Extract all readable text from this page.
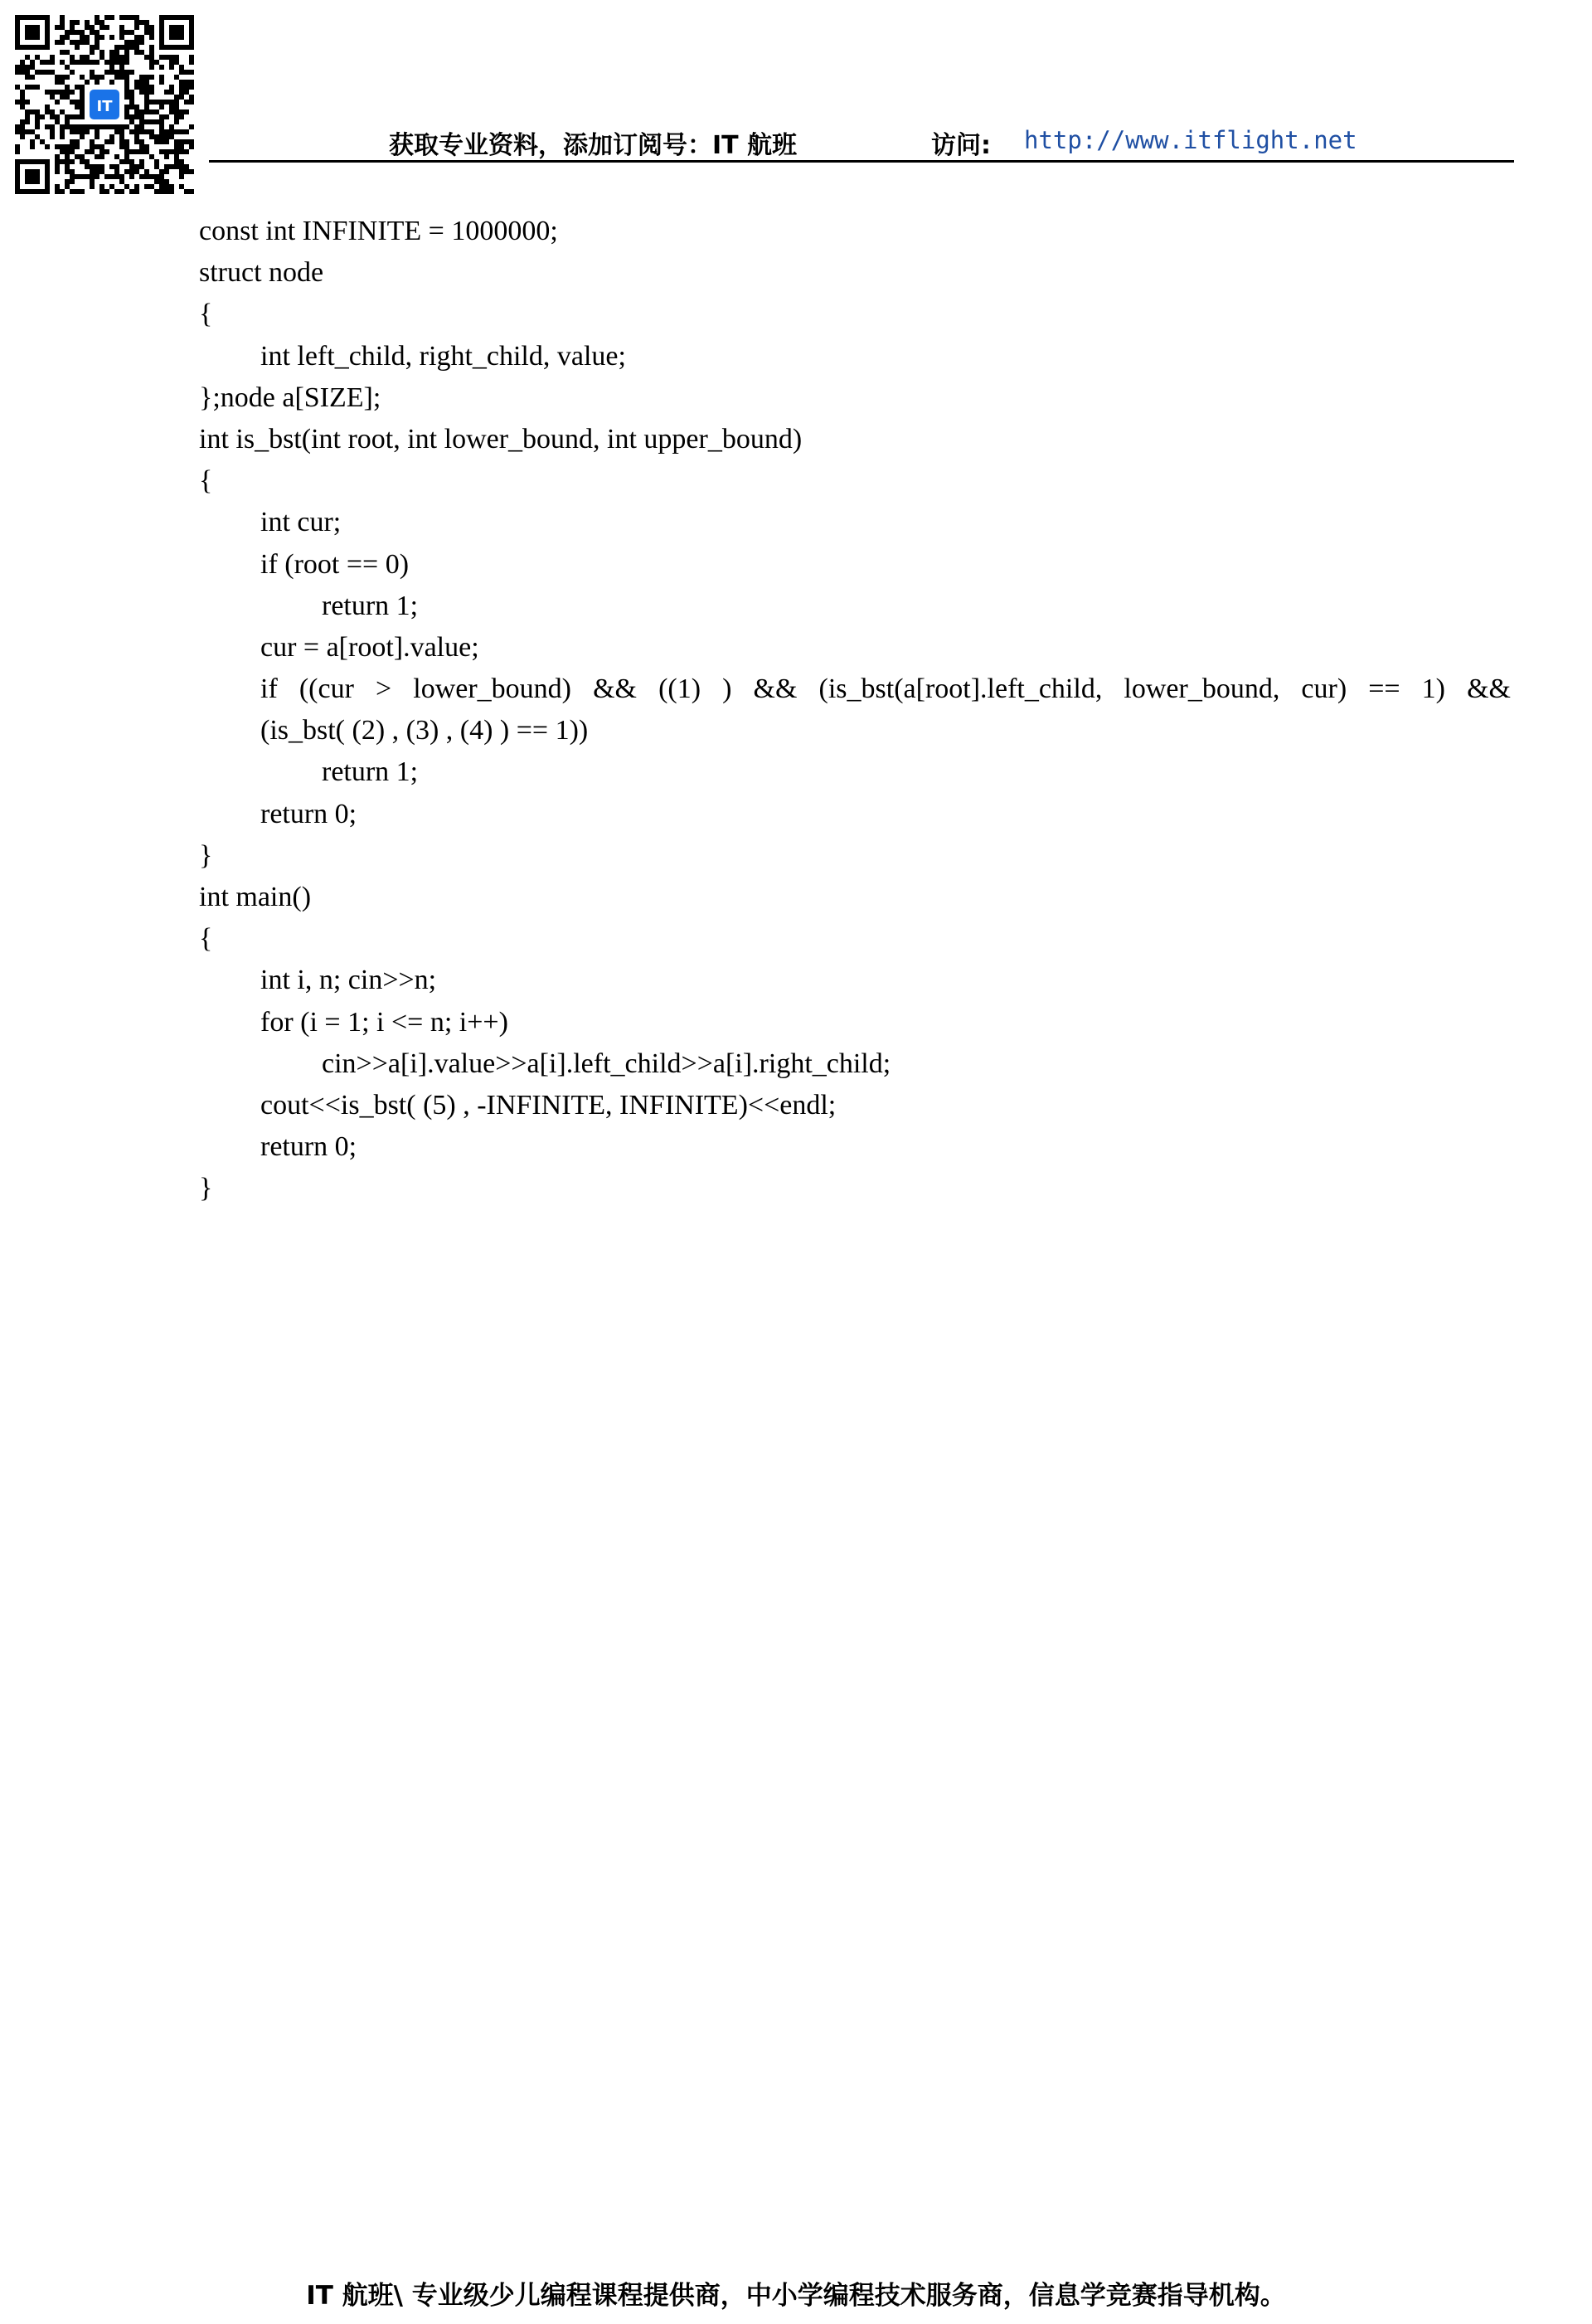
IT
获取专业资料，添加订阅号：IT 航班	访问: http://www.itflight.net
const int INFINITE = 1000000;
struct node
{
int left_child, right_child, value;
};node a[SIZE];
int is_bst(int root, int lower_bound, int upper_bound)
{
int cur;
if (root == 0)
return 1;
cur = a[root].value;
if ((cur > lower_bound) && ((1) ) && (is_bst(a[root].left_child, lower_bound, cur) == 1) &&
(is_bst( (2) , (3) , (4) ) == 1))
return 1;
return 0;
}
int main()
{
int i, n; cin>>n;
for (i = 1; i <= n; i++)
cin>>a[i].value>>a[i].left_child>>a[i].right_child;
cout<<is_bst( (5) , -INFINITE, INFINITE)<<endl;
return 0;
}
IT 航班\ 专业级少儿编程课程提供商，中小学编程技术服务商，信息学竞赛指导机构。
